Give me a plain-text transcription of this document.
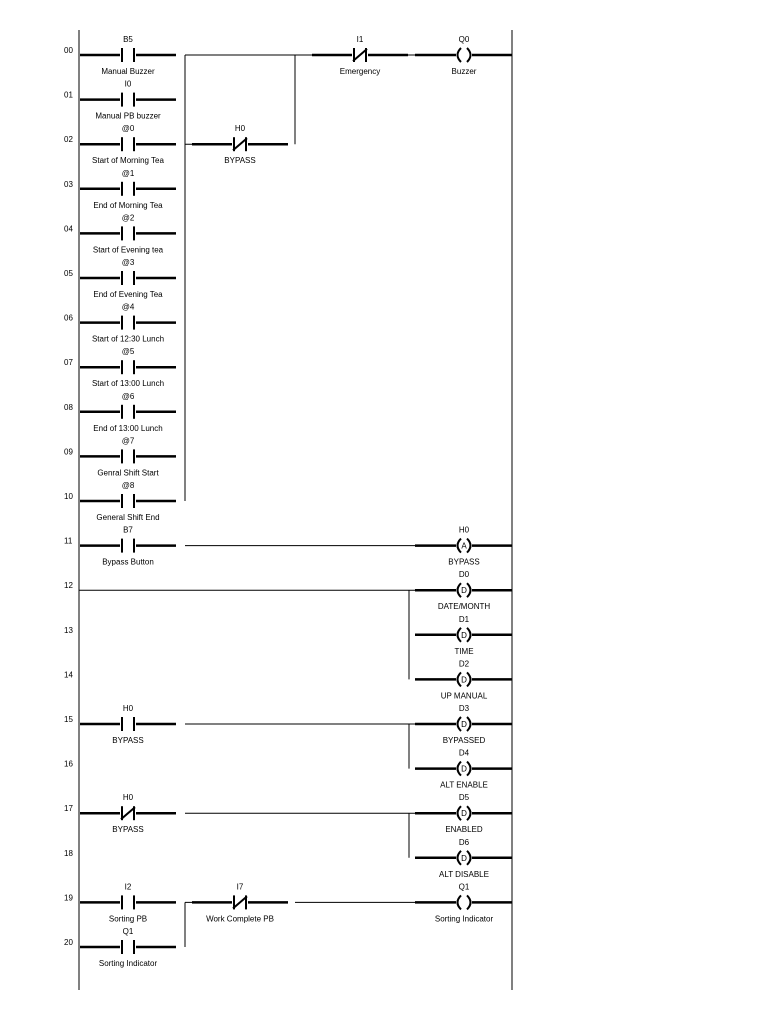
00
01
02
03
04
05
06
07
08
09
10
11
12
13
14
15
16
17
18
19
20
B5
Manual Buzzer
I1
Emergency
Q0
Buzzer
I0
Manual PB buzzer
@0
Start of Morning Tea
H0
BYPASS
@1
End of Morning Tea
@2
Start of Evening tea
@3
End of Evening Tea
@4
Start of 12:30 Lunch
@5
Start of 13:00 Lunch
@6
End of 13:00 Lunch
@7
Genral Shift Start
@8
General Shift End
B7
Bypass Button
A
H0
BYPASS
D
D0
DATE/MONTH
D
D1
TIME
D
D2
UP MANUAL
H0
BYPASS
D
D3
BYPASSED
D
D4
ALT ENABLE
H0
BYPASS
D
D5
ENABLED
D
D6
ALT DISABLE
I2
Sorting PB
I7
Work Complete PB
Q1
Sorting Indicator
Q1
Sorting Indicator
